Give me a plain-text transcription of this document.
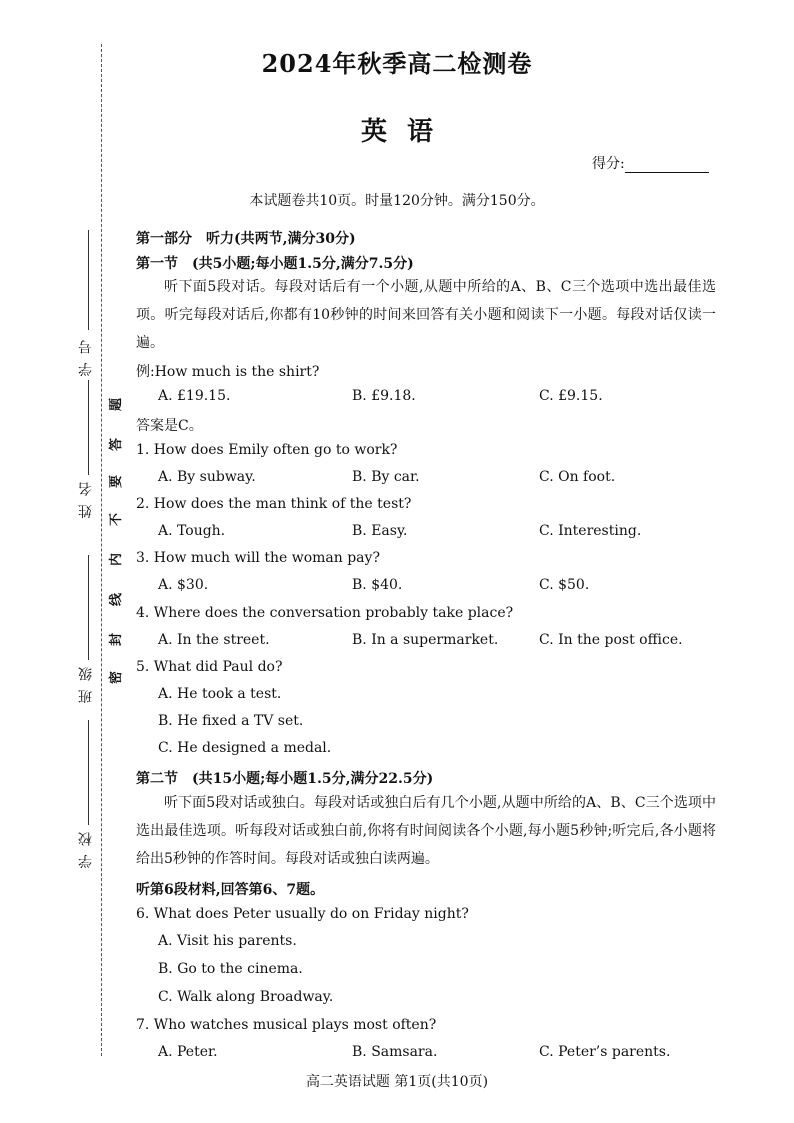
学 号
姓 名
班 级
学 校
题
答
要
不
内
线
封
密
2024年秋季高二检测卷
英语
得分:
本试题卷共10页。时量120分钟。满分150分。
第一部分　听力(共两节,满分30分)
第一节　(共5小题;每小题1.5分,满分7.5分)
听下面5段对话。每段对话后有一个小题,从题中所给的A、B、C三个选项中选出最佳选项。听完每段对话后,你都有10秒钟的时间来回答有关小题和阅读下一小题。每段对话仅读一遍。
例:How much is the shirt?
A. £19.15.	B. £9.18.	C. £9.15.
答案是C。
1. How does Emily often go to work?
A. By subway.	B. By car.	C. On foot.
2. How does the man think of the test?
A. Tough.	B. Easy.	C. Interesting.
3. How much will the woman pay?
A. $30.	B. $40.	C. $50.
4. Where does the conversation probably take place?
A. In the street.	B. In a supermarket.	C. In the post office.
5. What did Paul do?
A. He took a test.
B. He fixed a TV set.
C. He designed a medal.
第二节　(共15小题;每小题1.5分,满分22.5分)
听下面5段对话或独白。每段对话或独白后有几个小题,从题中所给的A、B、C三个选项中选出最佳选项。听每段对话或独白前,你将有时间阅读各个小题,每小题5秒钟;听完后,各小题将给出5秒钟的作答时间。每段对话或独白读两遍。
听第6段材料,回答第6、7题。
6. What does Peter usually do on Friday night?
A. Visit his parents.
B. Go to the cinema.
C. Walk along Broadway.
7. Who watches musical plays most often?
A. Peter.	B. Samsara.	C. Peter’s parents.
高二英语试题 第1页(共10页)
